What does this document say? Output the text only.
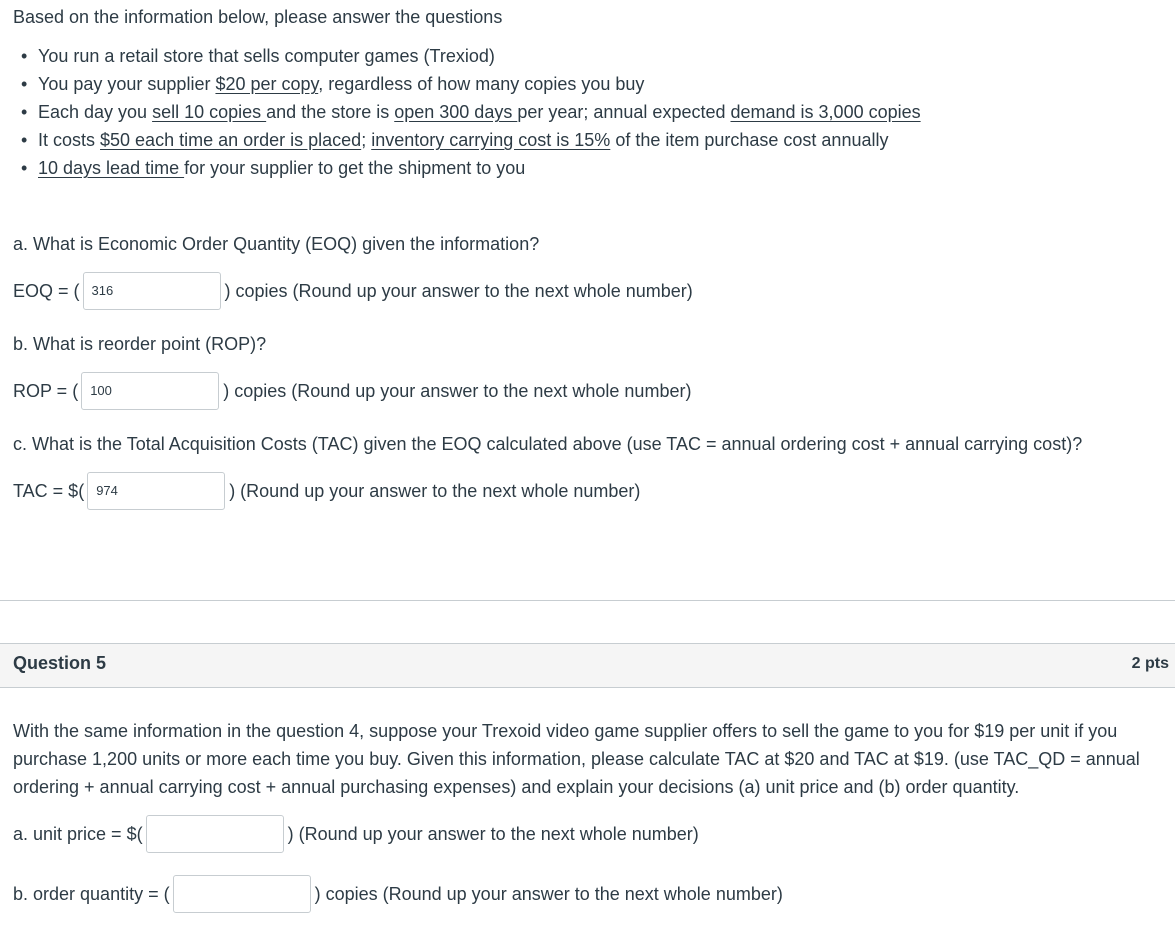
Based on the information below, please answer the questions
• You run a retail store that sells computer games (Trexiod)
• You pay your supplier $20 per copy, regardless of how many copies you buy
• Each day you sell 10 copies and the store is open 300 days per year; annual expected demand is 3,000 copies
• It costs $50 each time an order is placed; inventory carrying cost is 15% of the item purchase cost annually
• 10 days lead time for your supplier to get the shipment to you
a. What is Economic Order Quantity (EOQ) given the information?
EOQ = ( 316	) copies (Round up your answer to the next whole number)
b. What is reorder point (ROP)?
ROP = ( 100	) copies (Round up your answer to the next whole number)
c. What is the Total Acquisition Costs (TAC) given the EOQ calculated above (use TAC = annual ordering cost + annual carrying cost)?
TAC = $( 974	) (Round up your answer to the next whole number)
Question 5	2 pts
With the same information in the question 4, suppose your Trexoid video game supplier offers to sell the game to you for $19 per unit if you purchase 1,200 units or more each time you buy. Given this information, please calculate TAC at $20 and TAC at $19. (use TAC_QD = annual ordering + annual carrying cost + annual purchasing expenses) and explain your decisions (a) unit price and (b) order quantity.
a. unit price = $(	) (Round up your answer to the next whole number)
b. order quantity = (	) copies (Round up your answer to the next whole number)
